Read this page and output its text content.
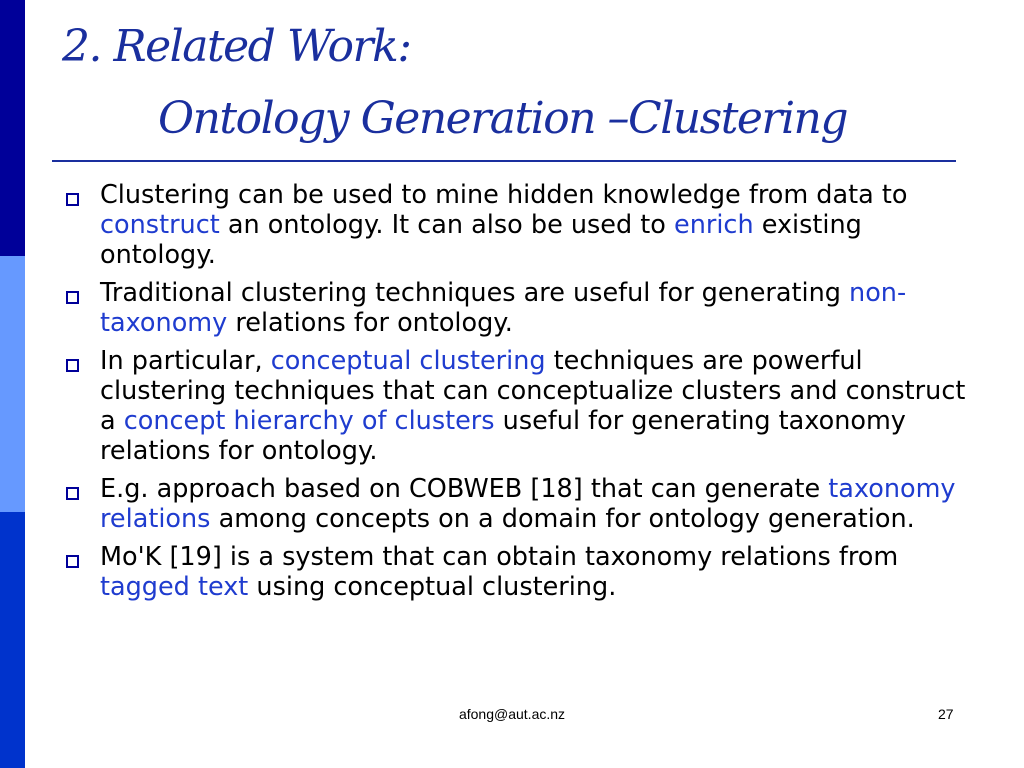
2. Related Work:
Ontology Generation –Clustering
Clustering can be used to mine hidden knowledge from data to construct an ontology. It can also be used to enrich existing ontology.
Traditional clustering techniques are useful for generating non-taxonomy relations for ontology.
In particular, conceptual clustering techniques are powerful clustering techniques that can conceptualize clusters and construct a concept hierarchy of clusters useful for generating taxonomy relations for ontology.
E.g. approach based on COBWEB [18] that can generate taxonomy relations among concepts on a domain for ontology generation.
Mo'K [19] is a system that can obtain taxonomy relations from tagged text using conceptual clustering.
afong@aut.ac.nz	27
